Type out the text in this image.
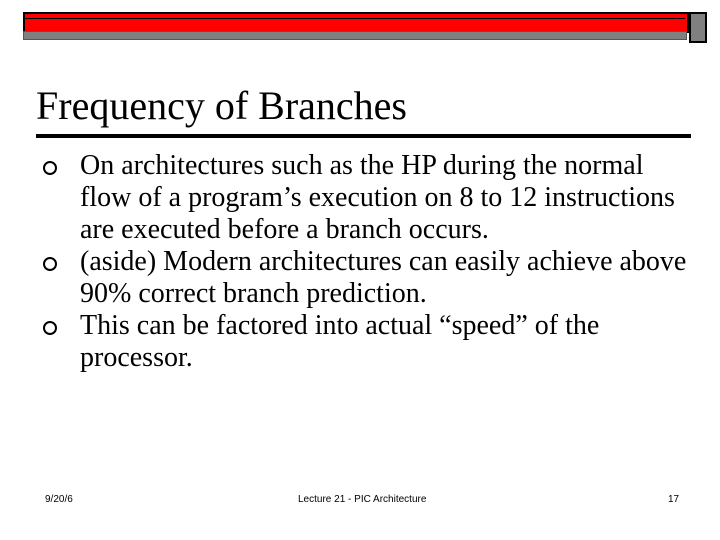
Frequency of Branches
On architectures such as the HP during the normal flow of a program’s execution on 8 to 12 instructions are executed before a branch occurs.
(aside) Modern architectures can easily achieve above 90% correct branch prediction.
This can be factored into actual “speed” of the processor.
9/20/6	Lecture 21 - PIC Architecture	17
